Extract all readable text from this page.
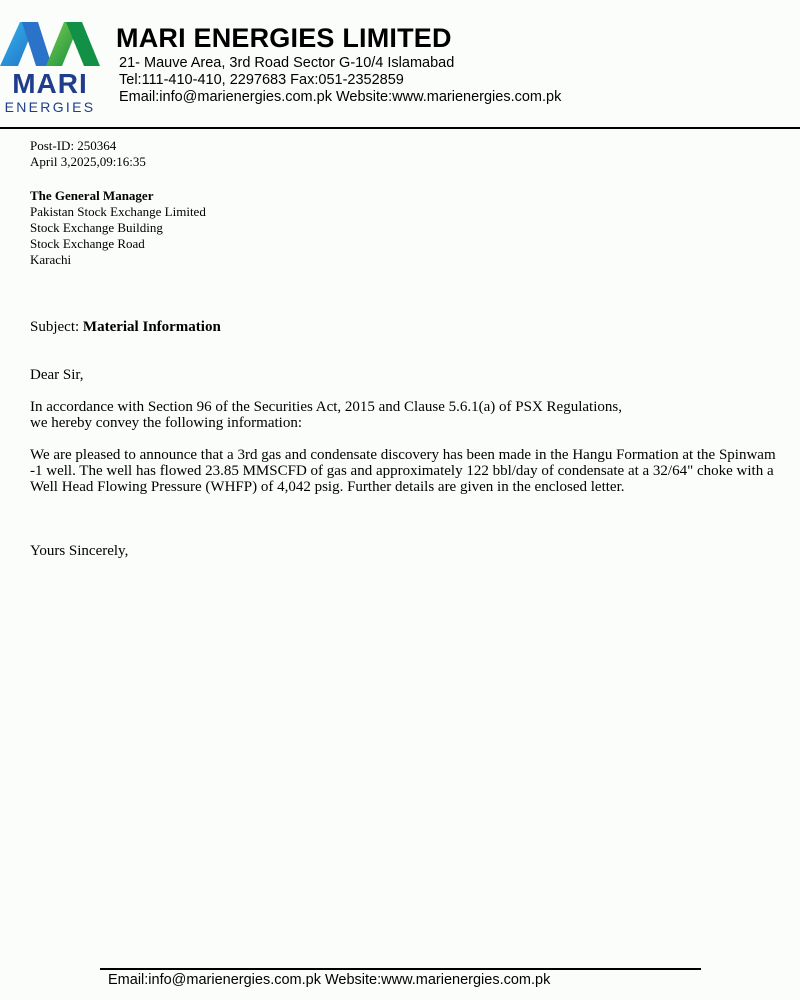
MARI
ENERGIES
MARI ENERGIES LIMITED
21- Mauve Area, 3rd Road Sector G-10/4 Islamabad
Tel:111-410-410, 2297683 Fax:051-2352859
Email:info@marienergies.com.pk Website:www.marienergies.com.pk
Post-ID: 250364
April 3,2025,09:16:35
The General Manager
Pakistan Stock Exchange Limited
Stock Exchange Building
Stock Exchange Road
Karachi
Subject: Material Information
Dear Sir,
In accordance with Section 96 of the Securities Act, 2015 and Clause 5.6.1(a) of PSX Regulations,
we hereby convey the following information:
We are pleased to announce that a 3rd gas and condensate discovery has been made in the Hangu Formation at the Spinwam
-1 well. The well has flowed 23.85 MMSCFD of gas and approximately 122 bbl/day of condensate at a 32/64" choke with a
Well Head Flowing Pressure (WHFP) of 4,042 psig. Further details are given in the enclosed letter.
Yours Sincerely,
Email:info@marienergies.com.pk Website:www.marienergies.com.pk
